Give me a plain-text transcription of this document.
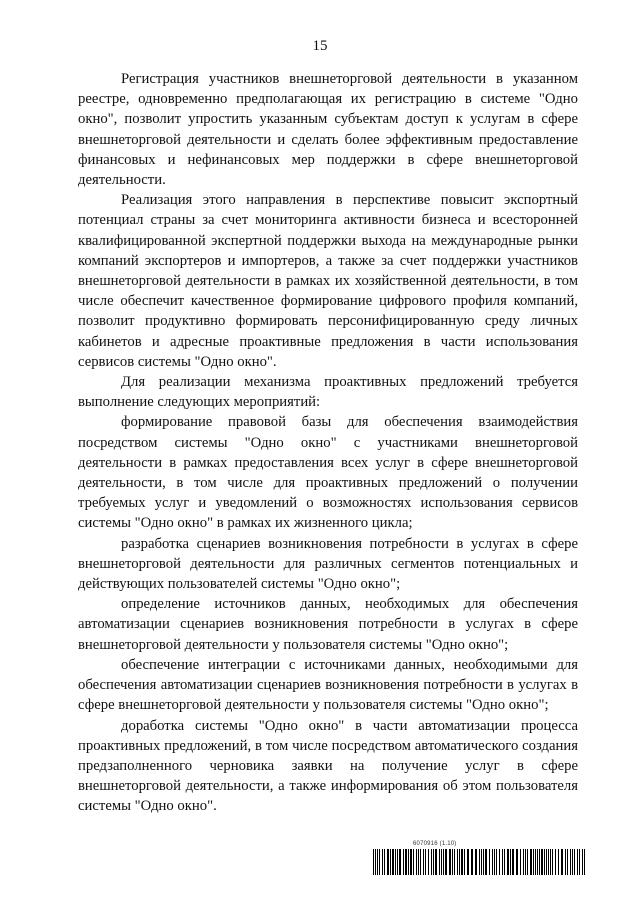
15

Регистрация участников внешнеторговой деятельности в указанном реестре, одновременно предполагающая их регистрацию в системе "Одно окно", позволит упростить указанным субъектам доступ к услугам в сфере внешнеторговой деятельности и сделать более эффективным предоставление финансовых и нефинансовых мер поддержки в сфере внешнеторговой деятельности.

Реализация этого направления в перспективе повысит экспортный потенциал страны за счет мониторинга активности бизнеса и всесторонней квалифицированной экспертной поддержки выхода на международные рынки компаний экспортеров и импортеров, а также за счет поддержки участников внешнеторговой деятельности в рамках их хозяйственной деятельности, в том числе обеспечит качественное формирование цифрового профиля компаний, позволит продуктивно формировать персонифицированную среду личных кабинетов и адресные проактивные предложения в части использования сервисов системы "Одно окно".

Для реализации механизма проактивных предложений требуется выполнение следующих мероприятий:

формирование правовой базы для обеспечения взаимодействия посредством системы "Одно окно" с участниками внешнеторговой деятельности в рамках предоставления всех услуг в сфере внешнеторговой деятельности, в том числе для проактивных предложений о получении требуемых услуг и уведомлений о возможностях использования сервисов системы "Одно окно" в рамках их жизненного цикла;

разработка сценариев возникновения потребности в услугах в сфере внешнеторговой деятельности для различных сегментов потенциальных и действующих пользователей системы "Одно окно";

определение источников данных, необходимых для обеспечения автоматизации сценариев возникновения потребности в услугах в сфере внешнеторговой деятельности у пользователя системы "Одно окно";

обеспечение интеграции с источниками данных, необходимыми для обеспечения автоматизации сценариев возникновения потребности в услугах в сфере внешнеторговой деятельности у пользователя системы "Одно окно";

доработка системы "Одно окно" в части автоматизации процесса проактивных предложений, в том числе посредством автоматического создания предзаполненного черновика заявки на получение услуг в сфере внешнеторговой деятельности, а также информирования об этом пользователя системы "Одно окно".

6070916 (1.10)
